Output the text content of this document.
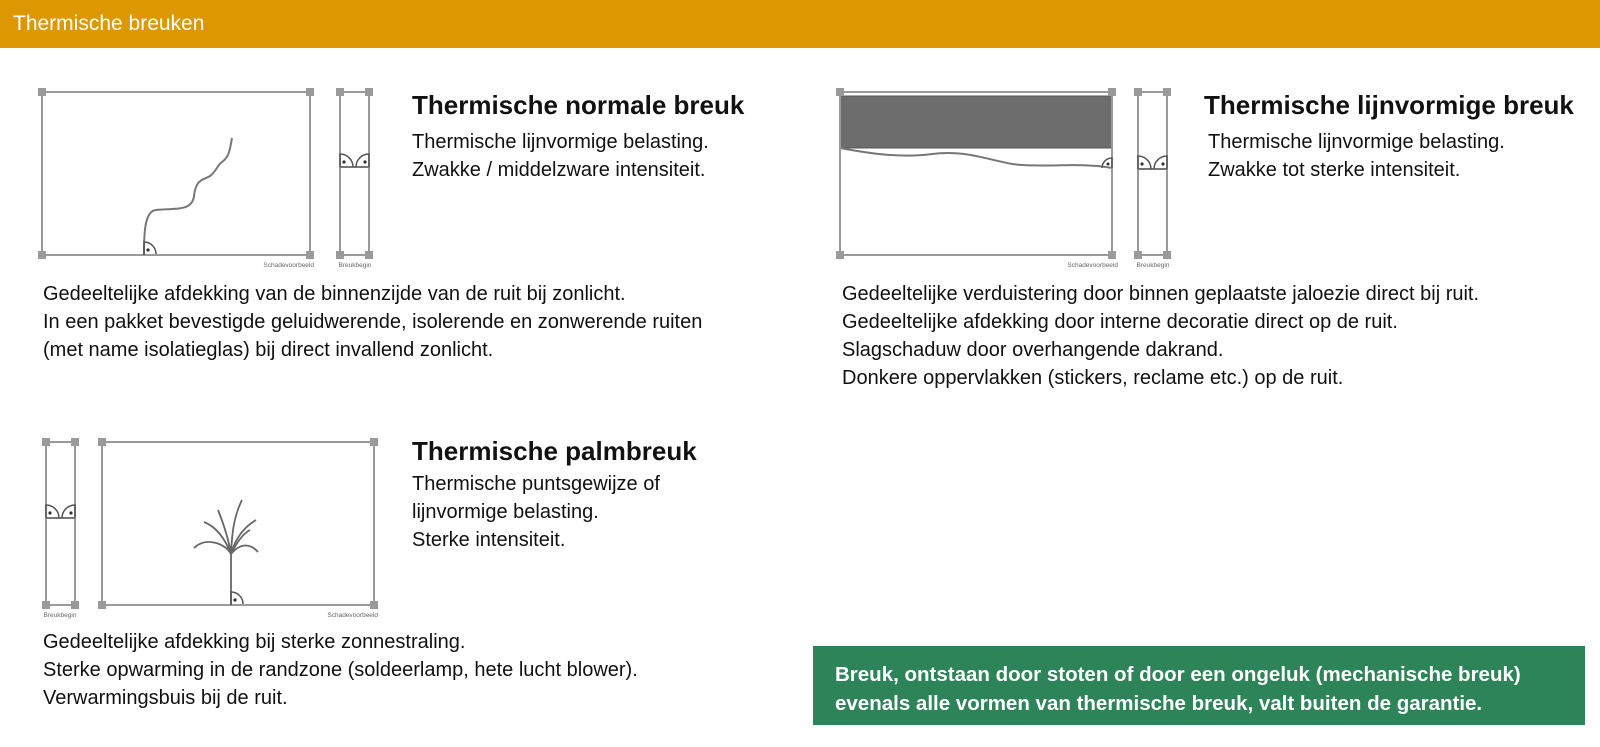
Thermische breuken
Schadevoorbeeld	Breukbegin
Thermische normale breuk
Thermische lijnvormige belasting.
Zwakke / middelzware intensiteit.
Gedeeltelijke afdekking van de binnenzijde van de ruit bij zonlicht.
In een pakket bevestigde geluidwerende, isolerende en zonwerende ruiten
(met name isolatieglas) bij direct invallend zonlicht.
Schadevoorbeeld	Breukbegin
Thermische lijnvormige breuk
Thermische lijnvormige belasting.
Zwakke tot sterke intensiteit.
Gedeeltelijke verduistering door binnen geplaatste jaloezie direct bij ruit.
Gedeeltelijke afdekking door interne decoratie direct op de ruit.
Slagschaduw door overhangende dakrand.
Donkere oppervlakken (stickers, reclame etc.) op de ruit.
Breukbegin	Schadevoorbeeld
Thermische palmbreuk
Thermische puntsgewijze of
lijnvormige belasting.
Sterke intensiteit.
Gedeeltelijke afdekking bij sterke zonnestraling.
Sterke opwarming in de randzone (soldeerlamp, hete lucht blower).
Verwarmingsbuis bij de ruit.
Breuk, ontstaan door stoten of door een ongeluk (mechanische breuk)
evenals alle vormen van thermische breuk, valt buiten de garantie.
